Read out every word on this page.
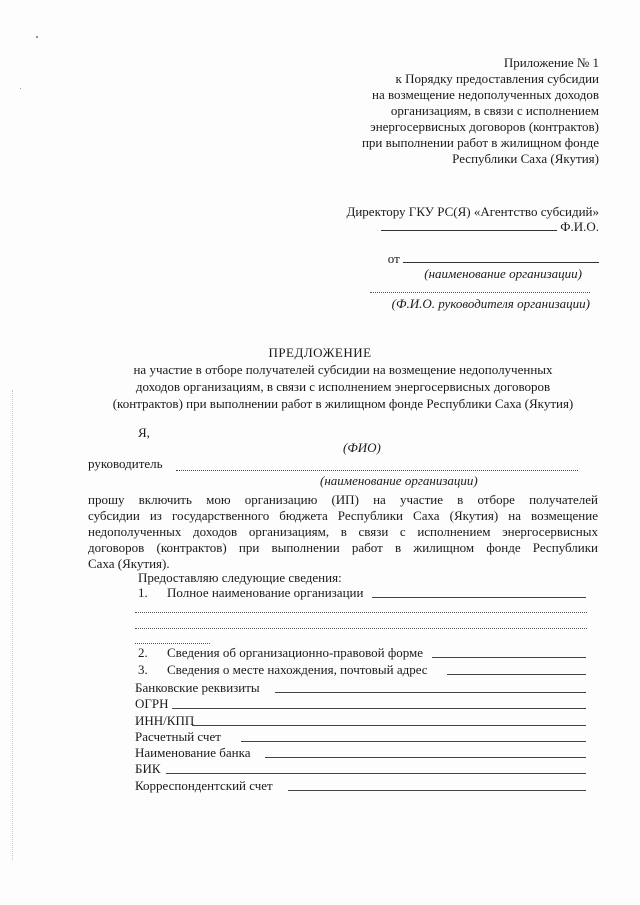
Приложение № 1
к Порядку предоставления субсидии
на возмещение недополученных доходов
организациям, в связи с исполнением
энергосервисных договоров (контрактов)
при выполнении работ в жилищном фонде
Республики Саха (Якутия)
Директору ГКУ РС(Я) «Агентство субсидий»
Ф.И.О.
от
(наименование организации)
(Ф.И.О. руководителя организации)
ПРЕДЛОЖЕНИЕ
на участие в отборе получателей субсидии на возмещение недополученных
доходов организациям, в связи с исполнением энергосервисных договоров
(контрактов) при выполнении работ в жилищном фонде Республики Саха (Якутия)
Я,
(ФИО)
руководитель
(наименование организации)
прошу включить мою организацию (ИП) на участие в отборе получателей
субсидии из государственного бюджета Республики Саха (Якутия) на возмещение
недополученных доходов организациям, в связи с исполнением энергосервисных
договоров (контрактов) при выполнении работ в жилищном фонде Республики
Саха (Якутия).
Предоставляю следующие сведения:
1. Полное наименование организации
2. Сведения об организационно-правовой форме
3. Сведения о месте нахождения, почтовый адрес
Банковские реквизиты
ОГРН
ИНН/КПП
Расчетный счет
Наименование банка
БИК
Корреспондентский счет
